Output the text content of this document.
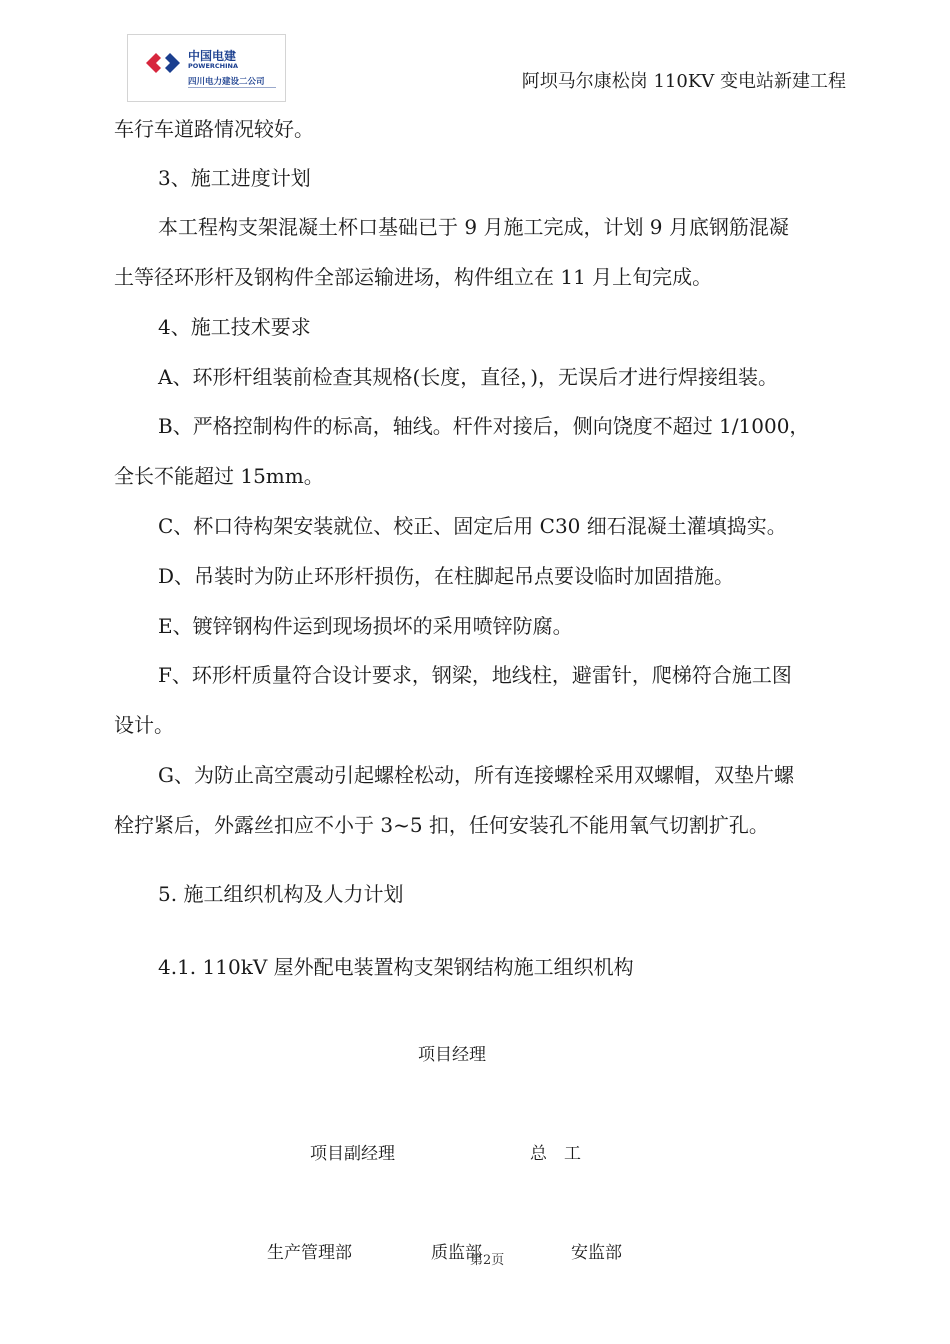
中国电建
POWERCHINA
四川电力建设二公司	阿坝马尔康松岗 110KV 变电站新建工程
车行车道路情况较好。
3、施工进度计划
本工程构支架混凝土杯口基础已于 9 月施工完成，计划 9 月底钢筋混凝
土等径环形杆及钢构件全部运输进场，构件组立在 11 月上旬完成。
4、施工技术要求
A、环形杆组装前检查其规格(长度，直径，)，无误后才进行焊接组装。
B、严格控制构件的标高，轴线。杆件对接后，侧向饶度不超过 1/1000，
全长不能超过 15mm。
C、杯口待构架安装就位、校正、固定后用 C30 细石混凝土灌填捣实。
D、吊装时为防止环形杆损伤，在柱脚起吊点要设临时加固措施。
E、镀锌钢构件运到现场损坏的采用喷锌防腐。
F、环形杆质量符合设计要求，钢梁，地线柱，避雷针，爬梯符合施工图
设计。
G、为防止高空震动引起螺栓松动，所有连接螺栓采用双螺帽，双垫片螺
栓拧紧后，外露丝扣应不小于 3~5 扣，任何安装孔不能用氧气切割扩孔。
5. 施工组织机构及人力计划
4.1. 110kV 屋外配电装置构支架钢结构施工组织机构
项目经理
项目副经理	总　工
生产管理部	质监部	安监部
第2页
